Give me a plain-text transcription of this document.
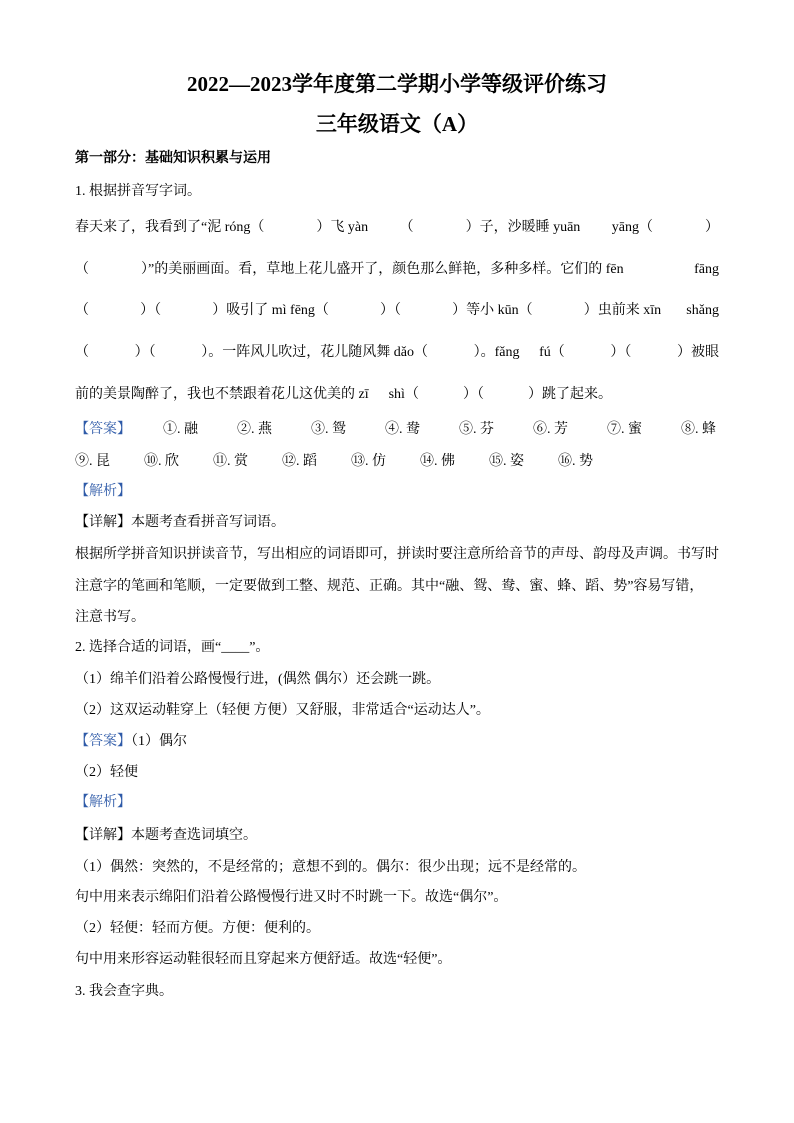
2022—2023学年度第二学期小学等级评价练习
三年级语文（A）
第一部分：基础知识积累与运用
1. 根据拼音写字词。
春天来了，我看到了“泥 róng（	）飞 yàn （	）子，沙暖睡 yuān yāng（	）
（	）”的美丽画面。看，草地上花儿盛开了，颜色那么鲜艳，多种多样。它们的 fēn	fāng
（	）（	）吸引了 mì fēng（	）（	）等小 kūn（	）虫前来 xīn shǎng
（	）（	）。一阵风儿吹过，花儿随风舞 dǎo（	）。fǎng fú（	）（	）被眼
前的美景陶醉了，我也不禁跟着花儿这优美的 zī shì（	）（	）跳了起来。
【答案】	①. 融	②. 燕	③. 鸳	④. 鸯	⑤. 芬	⑥. 芳	⑦. 蜜	⑧. 蜂
⑨. 昆	⑩. 欣	⑪. 赏	⑫. 蹈	⑬. 仿	⑭. 佛	⑮. 姿	⑯. 势
【解析】
【详解】本题考查看拼音写词语。
根据所学拼音知识拼读音节，写出相应的词语即可，拼读时要注意所给音节的声母、韵母及声调。书写时
注意字的笔画和笔顺，一定要做到工整、规范、正确。其中“融、鸳、鸯、蜜、蜂、蹈、势”容易写错，
注意书写。
2. 选择合适的词语，画“____”。
（1）绵羊们沿着公路慢慢行进，(偶然 偶尔）还会跳一跳。
（2）这双运动鞋穿上（轻便 方便）又舒服，非常适合“运动达人”。
【答案】（1）偶尔
（2）轻便
【解析】
【详解】本题考查选词填空。
（1）偶然：突然的，不是经常的；意想不到的。偶尔：很少出现；远不是经常的。
句中用来表示绵阳们沿着公路慢慢行进又时不时跳一下。故选“偶尔”。
（2）轻便：轻而方便。方便：便利的。
句中用来形容运动鞋很轻而且穿起来方便舒适。故选“轻便”。
3. 我会查字典。
